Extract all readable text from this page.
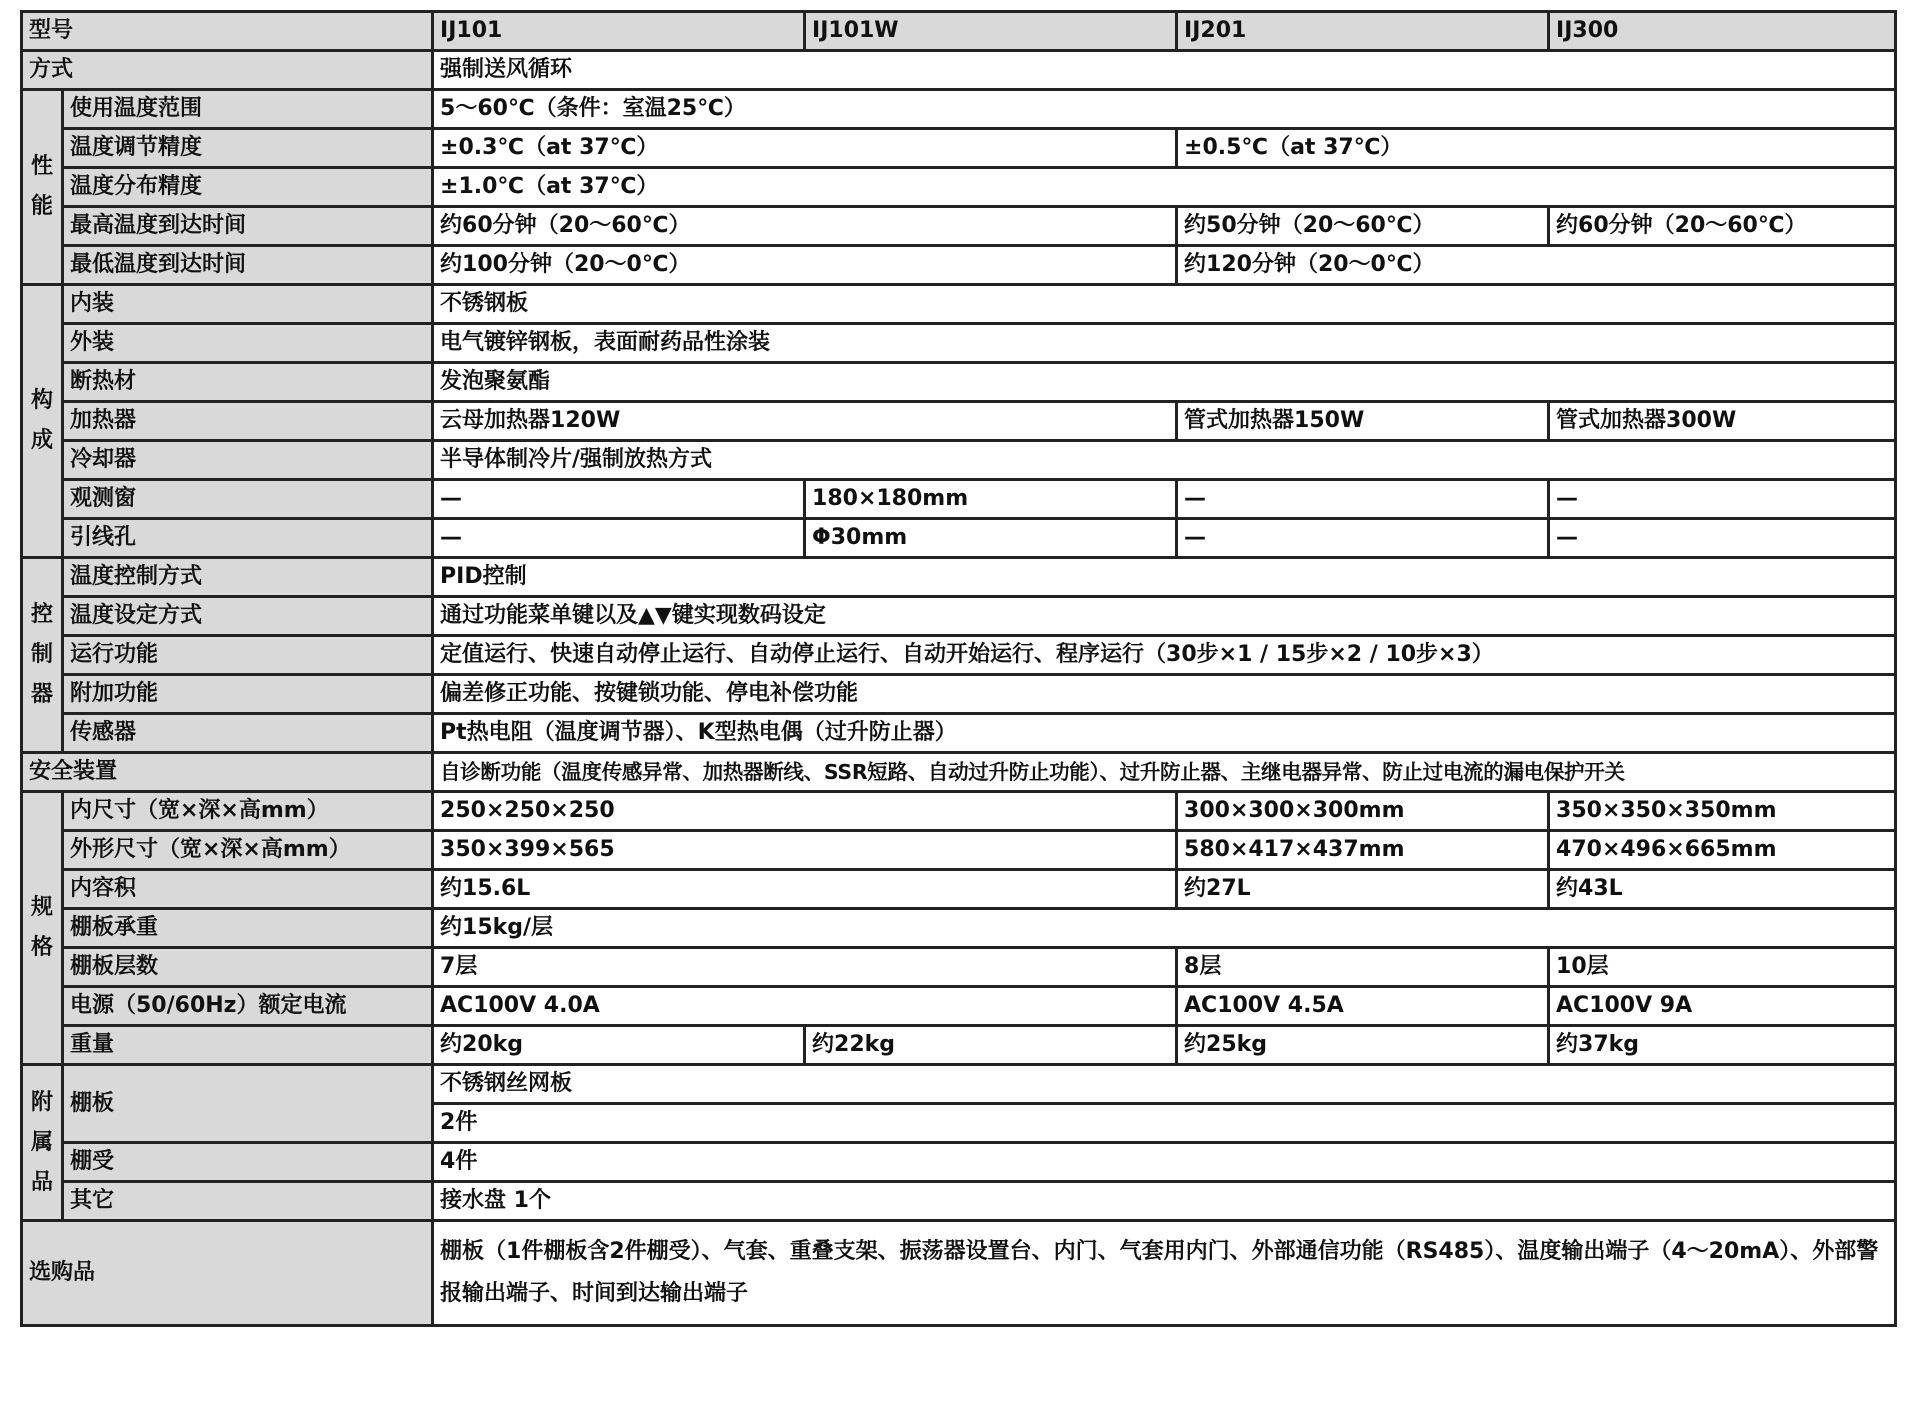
型号		IJ101	IJ101W	IJ201	IJ300
方式		强制送风循环			
性能	使用温度范围	5～60℃（条件：室温25℃）			
	温度调节精度	±0.3℃（at 37℃）		±0.5℃（at 37℃）	
	温度分布精度	±1.0℃（at 37℃）			
	最高温度到达时间	约60分钟（20～60℃）		约50分钟（20～60℃）	约60分钟（20～60℃）
	最低温度到达时间	约100分钟（20～0℃）		约120分钟（20～0℃）	
构成	内装	不锈钢板			
	外装	电气镀锌钢板，表面耐药品性涂装			
	断热材	发泡聚氨酯			
	加热器	云母加热器120W		管式加热器150W	管式加热器300W
	冷却器	半导体制冷片/强制放热方式			
	观测窗	—	180×180mm	—	—
	引线孔	—	Φ30mm	—	—
控制器	温度控制方式	PID控制			
	温度设定方式	通过功能菜单键以及▲▼键实现数码设定			
	运行功能	定值运行、快速自动停止运行、自动停止运行、自动开始运行、程序运行（30步×1 / 15步×2 / 10步×3）			
	附加功能	偏差修正功能、按键锁功能、停电补偿功能			
	传感器	Pt热电阻（温度调节器）、K型热电偶（过升防止器）			
安全装置		自诊断功能（温度传感异常、加热器断线、SSR短路、自动过升防止功能）、过升防止器、主继电器异常、防止过电流的漏电保护开关			
规格	内尺寸（宽×深×高mm）	250×250×250		300×300×300mm	350×350×350mm
	外形尺寸（宽×深×高mm）	350×399×565		580×417×437mm	470×496×665mm
	内容积	约15.6L		约27L	约43L
	棚板承重	约15kg/层			
	棚板层数	7层		8层	10层
	电源（50/60Hz）额定电流	AC100V 4.0A		AC100V 4.5A	AC100V 9A
	重量	约20kg	约22kg	约25kg	约37kg
附属品	棚板	不锈钢丝网板			
		2件			
	棚受	4件			
	其它	接水盘 1个			
选购品		棚板（1件棚板含2件棚受）、气套、重叠支架、振荡器设置台、内门、气套用内门、外部通信功能（RS485）、温度输出端子（4～20mA）、外部警报输出端子、时间到达输出端子			
